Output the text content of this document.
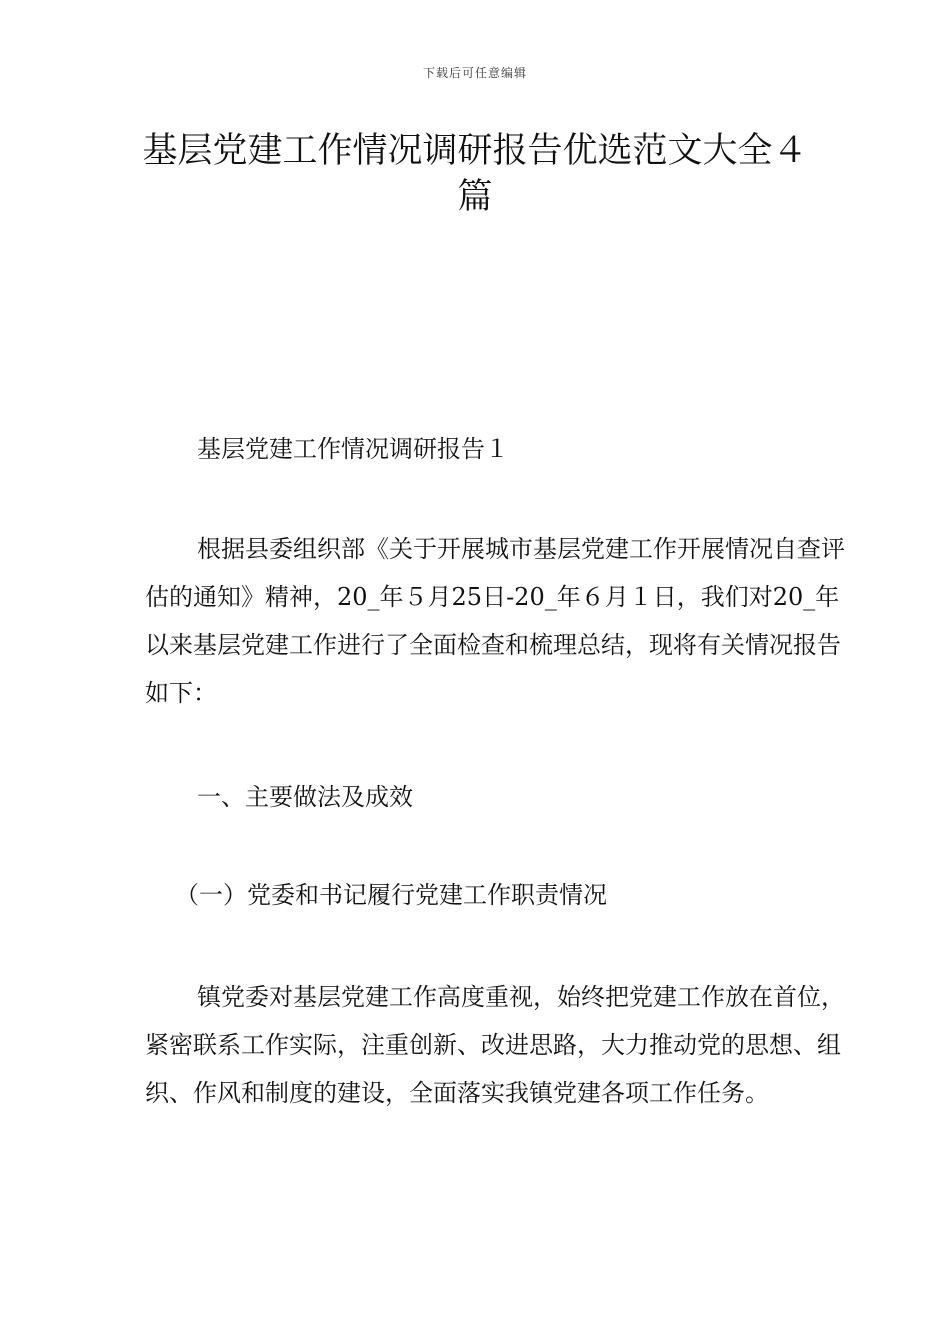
下载后可任意编辑
基层党建工作情况调研报告优选范文大全４篇

基层党建工作情况调研报告１

根据县委组织部《关于开展城市基层党建工作开展情况自查评估的通知》精神，20_年５月25日-20_年６月１日，我们对20_年以来基层党建工作进行了全面检查和梳理总结，现将有关情况报告如下：

一、主要做法及成效

（一）党委和书记履行党建工作职责情况

镇党委对基层党建工作高度重视，始终把党建工作放在首位，紧密联系工作实际，注重创新、改进思路，大力推动党的思想、组织、作风和制度的建设，全面落实我镇党建各项工作任务。
